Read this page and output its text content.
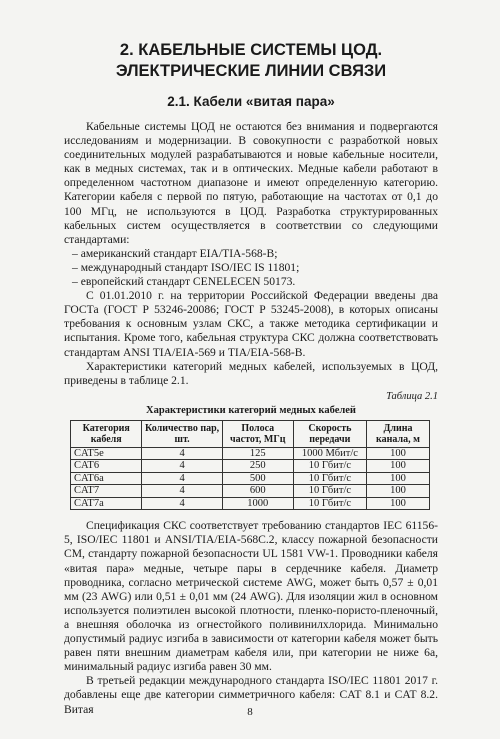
2. КАБЕЛЬНЫЕ СИСТЕМЫ ЦОД.
ЭЛЕКТРИЧЕСКИЕ ЛИНИИ СВЯЗИ
2.1. Кабели «витая пара»

Кабельные системы ЦОД не остаются без внимания и подвергаются исследованиям и модернизации. В совокупности с разработкой новых соединительных модулей разрабатываются и новые кабельные носители, как в медных системах, так и в оптических. Медные кабели работают в определенном частотном диапазоне и имеют определенную категорию. Категории кабеля с первой по пятую, работающие на частотах от 0,1 до 100 МГц, не используются в ЦОД. Разработка структурированных кабельных систем осуществляется в соответствии со следующими стандартами:

– американский стандарт EIA/TIA-568-B;

– международный стандарт ISO/IEC IS 11801;

– европейский стандарт CENELECEN 50173.

С 01.01.2010 г. на территории Российской Федерации введены два ГОСТа (ГОСТ Р 53246-20086; ГОСТ Р 53245-2008), в которых описаны требования к основным узлам СКС, а также методика сертификации и испытания. Кроме того, кабельная структура СКС должна соответствовать стандартам ANSI TIA/EIA-569 и TIA/EIA-568-B.

Характеристики категорий медных кабелей, используемых в ЦОД, приведены в таблице 2.1.

Таблица 2.1
Характеристики категорий медных кабелей
Категория кабеля	Количество пар, шт.	Полоса частот, МГц	Скорость передачи	Длина канала, м
CAT5e	4	125	1000 Мбит/с	100
CAT6	4	250	10 Гбит/с	100
CAT6a	4	500	10 Гбит/с	100
CAT7	4	600	10 Гбит/с	100
CAT7a	4	1000	10 Гбит/с	100

Спецификация СКС соответствует требованию стандартов IEC 61156-5, ISO/IEC 11801 и ANSI/TIA/EIA-568C.2, классу пожарной безопасности CM, стандарту пожарной безопасности UL 1581 VW-1. Проводники кабеля «витая пара» медные, четыре пары в сердечнике кабеля. Диаметр проводника, согласно метрической системе AWG, может быть 0,57 ± 0,01 мм (23 AWG) или 0,51 ± 0,01 мм (24 AWG). Для изоляции жил в основном используется полиэтилен высокой плотности, пленко-пористо-пленочный, а внешняя оболочка из огнестойкого поливинилхлорида. Минимально допустимый радиус изгиба в зависимости от категории кабеля может быть равен пяти внешним диаметрам кабеля или, при категории не ниже 6a, минимальный радиус изгиба равен 30 мм.

В третьей редакции международного стандарта ISO/IEC 11801 2017 г. добавлены еще две категории симметричного кабеля: CAT 8.1 и CAT 8.2. Витая	8
